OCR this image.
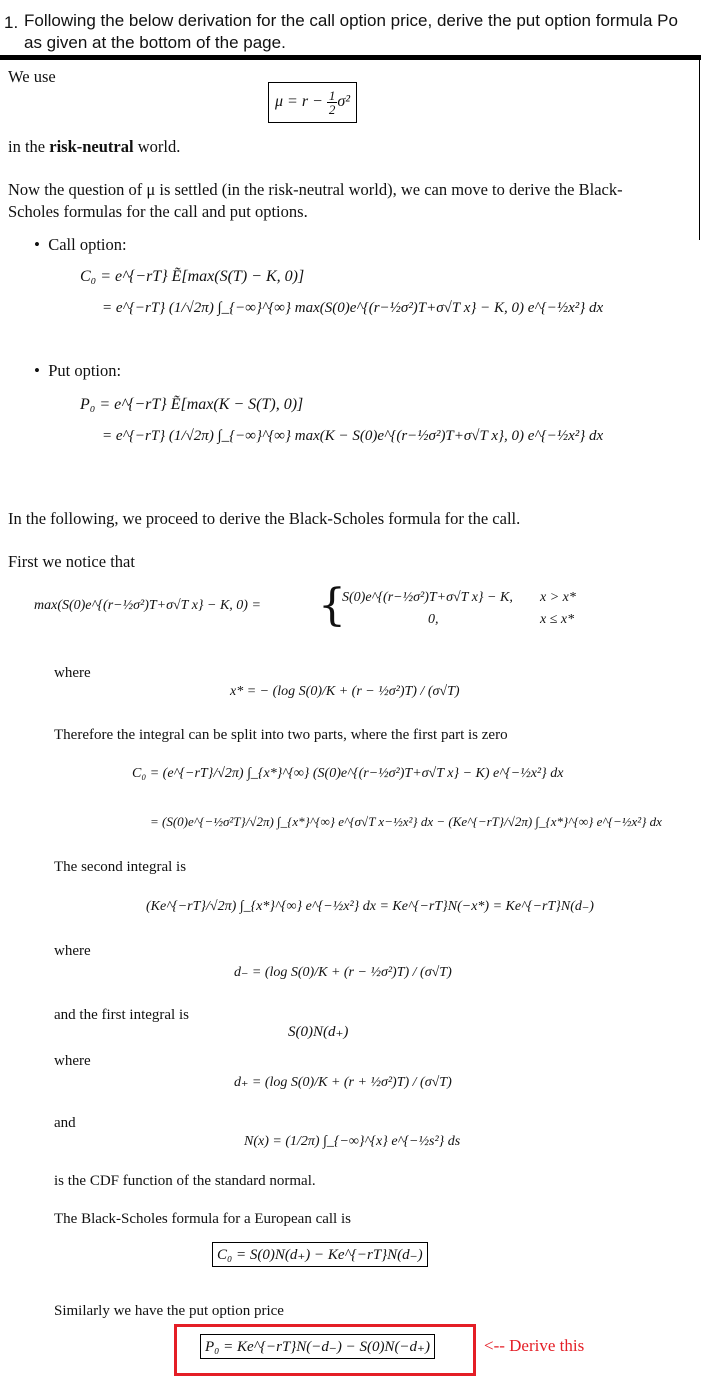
1. Following the below derivation for the call option price, derive the put option formula Po as given at the bottom of the page.
We use
$\mu = r - \frac{1}{2} \sigma^2$
in the risk-neutral world.
Now the question of μ is settled (in the risk-neutral world), we can move to derive the Black-Scholes formulas for the call and put options.
• Call option:
C₀ = e^{−rT} Ẽ[max(S(T) − K, 0)]
= e^{−rT} (1/√2π) ∫_{−∞}^{∞} max(S(0)e^{(r−½σ²)T+σ√T x} − K, 0) e^{−½x²} dx
• Put option:
P₀ = e^{−rT} Ẽ[max(K − S(T), 0)]
= e^{−rT} (1/√2π) ∫_{−∞}^{∞} max(K − S(0)e^{(r−½σ²)T+σ√T x}, 0) e^{−½x²} dx
In the following, we proceed to derive the Black-Scholes formula for the call.
First we notice that
max(S(0)e^{(r−½σ²)T+σ√T x} − K, 0) = {
S(0)e^{(r−½σ²)T+σ√T x} − K, x > x*
0,	x ≤ x*
where
x* = − (log S(0)/K + (r − ½σ²)T) / (σ√T)
Therefore the integral can be split into two parts, where the first part is zero
C₀ = (e^{−rT}/√2π) ∫_{x*}^{∞} (S(0)e^{(r−½σ²)T+σ√T x} − K) e^{−½x²} dx
= (S(0)e^{−½σ²T}/√2π) ∫_{x*}^{∞} e^{σ√T x−½x²} dx − (Ke^{−rT}/√2π) ∫_{x*}^{∞} e^{−½x²} dx
The second integral is
(Ke^{−rT}/√2π) ∫_{x*}^{∞} e^{−½x²} dx = Ke^{−rT}N(−x*) = Ke^{−rT}N(d₋)
where
d₋ = (log S(0)/K + (r − ½σ²)T) / (σ√T)
and the first integral is
S(0)N(d₊)
where
d₊ = (log S(0)/K + (r + ½σ²)T) / (σ√T)
and
N(x) = (1/2π) ∫_{−∞}^{x} e^{−½s²} ds
is the CDF function of the standard normal.
The Black-Scholes formula for a European call is
C₀ = S(0)N(d₊) − Ke^{−rT}N(d₋)
Similarly we have the put option price
P₀ = Ke^{−rT}N(−d₋) − S(0)N(−d₊)	<-- Derive this
